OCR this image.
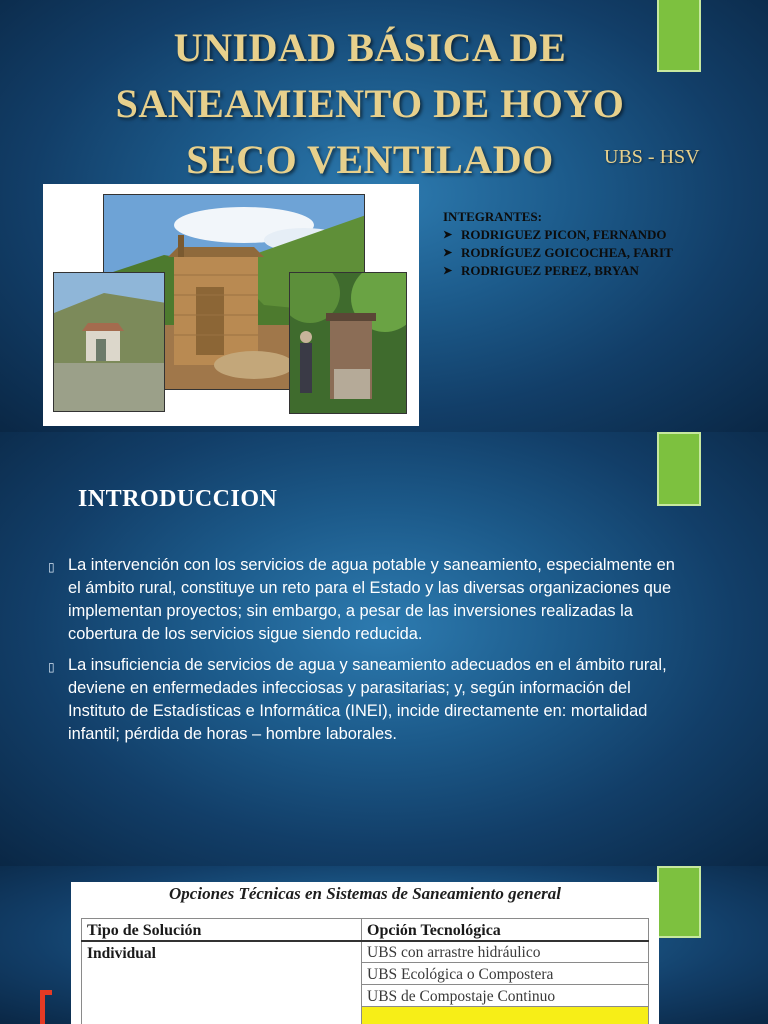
UNIDAD BÁSICA DE
SANEAMIENTO DE HOYO
SECO VENTILADO	UBS - HSV
INTEGRANTES:
➤ RODRIGUEZ PICON, FERNANDO
➤ RODRÍGUEZ GOICOCHEA, FARIT
➤ RODRIGUEZ PEREZ, BRYAN
INTRODUCCION
▯ La intervención con los servicios de agua potable y saneamiento, especialmente en el ámbito rural, constituye un reto para el Estado y las diversas organizaciones que implementan proyectos; sin embargo, a pesar de las inversiones realizadas la cobertura de los servicios sigue siendo reducida.
▯ La insuficiencia de servicios de agua y saneamiento adecuados en el ámbito rural, deviene en enfermedades infecciosas y parasitarias; y, según información del Instituto de Estadísticas e Informática (INEI), incide directamente en: mortalidad infantil; pérdida de horas – hombre laborales.
Opciones Técnicas en Sistemas de Saneamiento general
Tipo de Solución	Opción Tecnológica
Individual	UBS con arrastre hidráulico
	UBS Ecológica o Compostera
	UBS de Compostaje Continuo
